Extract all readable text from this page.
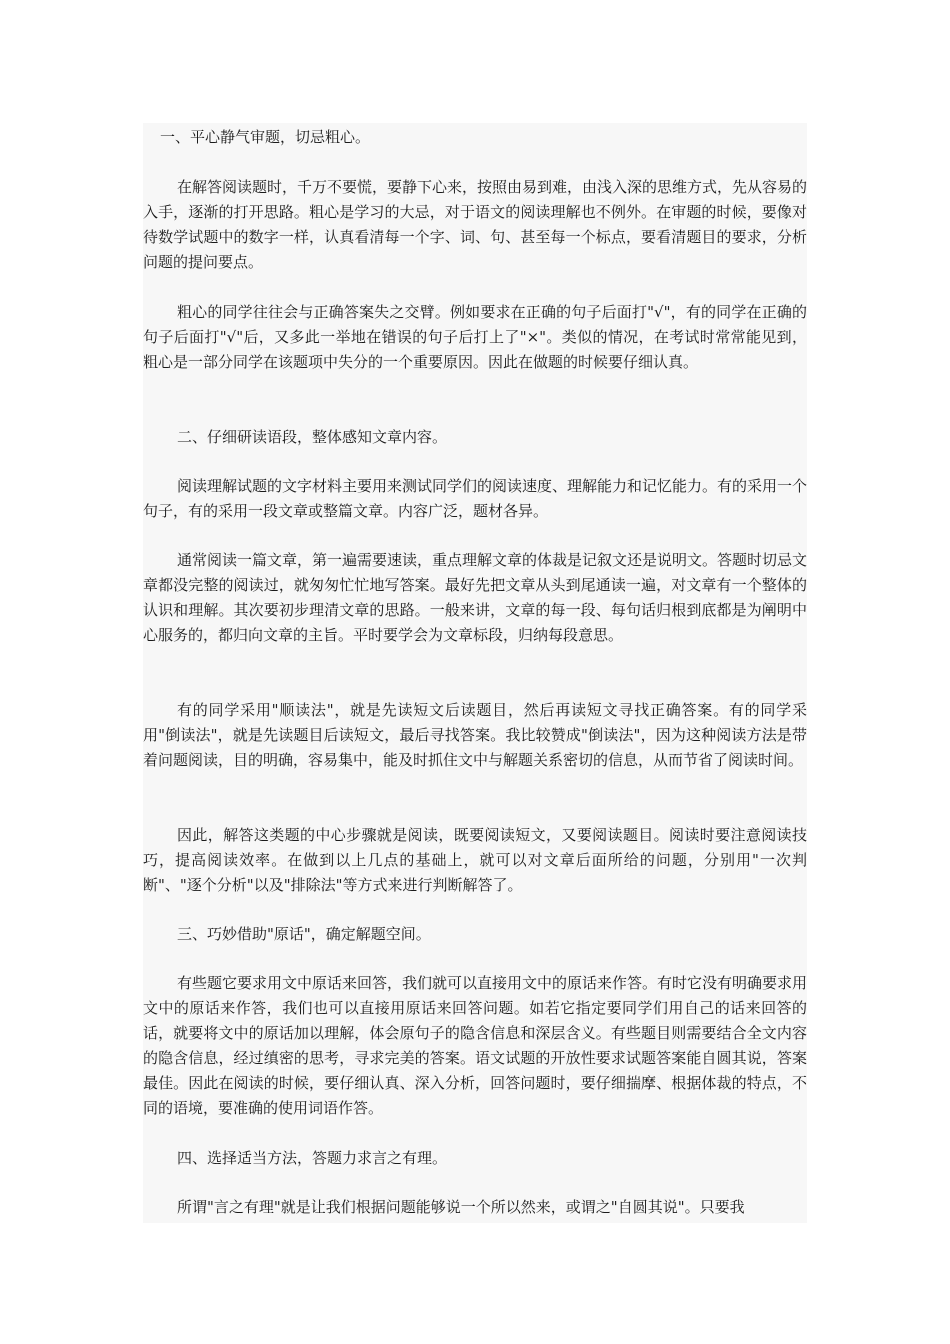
一、平心静气审题，切忌粗心。

在解答阅读题时，千万不要慌，要静下心来，按照由易到难，由浅入深的思维方式，先从容易的入手，逐渐的打开思路。粗心是学习的大忌，对于语文的阅读理解也不例外。在审题的时候，要像对待数学试题中的数字一样，认真看清每一个字、词、句、甚至每一个标点，要看清题目的要求，分析问题的提问要点。

粗心的同学往往会与正确答案失之交臂。例如要求在正确的句子后面打"√"，有的同学在正确的句子后面打"√"后，又多此一举地在错误的句子后打上了"×"。类似的情况，在考试时常常能见到，粗心是一部分同学在该题项中失分的一个重要原因。因此在做题的时候要仔细认真。

二、仔细研读语段，整体感知文章内容。

阅读理解试题的文字材料主要用来测试同学们的阅读速度、理解能力和记忆能力。有的采用一个句子，有的采用一段文章或整篇文章。内容广泛，题材各异。

通常阅读一篇文章，第一遍需要速读，重点理解文章的体裁是记叙文还是说明文。答题时切忌文章都没完整的阅读过，就匆匆忙忙地写答案。最好先把文章从头到尾通读一遍，对文章有一个整体的认识和理解。其次要初步理清文章的思路。一般来讲，文章的每一段、每句话归根到底都是为阐明中心服务的，都归向文章的主旨。平时要学会为文章标段，归纳每段意思。

有的同学采用"顺读法"，就是先读短文后读题目，然后再读短文寻找正确答案。有的同学采用"倒读法"，就是先读题目后读短文，最后寻找答案。我比较赞成"倒读法"，因为这种阅读方法是带着问题阅读，目的明确，容易集中，能及时抓住文中与解题关系密切的信息，从而节省了阅读时间。

因此，解答这类题的中心步骤就是阅读，既要阅读短文，又要阅读题目。阅读时要注意阅读技巧，提高阅读效率。在做到以上几点的基础上，就可以对文章后面所给的问题，分别用"一次判断"、"逐个分析"以及"排除法"等方式来进行判断解答了。

三、巧妙借助"原话"，确定解题空间。

有些题它要求用文中原话来回答，我们就可以直接用文中的原话来作答。有时它没有明确要求用文中的原话来作答，我们也可以直接用原话来回答问题。如若它指定要同学们用自己的话来回答的话，就要将文中的原话加以理解，体会原句子的隐含信息和深层含义。有些题目则需要结合全文内容的隐含信息，经过缜密的思考，寻求完美的答案。语文试题的开放性要求试题答案能自圆其说，答案最佳。因此在阅读的时候，要仔细认真、深入分析，回答问题时，要仔细揣摩、根据体裁的特点，不同的语境，要准确的使用词语作答。

四、选择适当方法，答题力求言之有理。

所谓"言之有理"就是让我们根据问题能够说一个所以然来，或谓之"自圆其说"。只要我
